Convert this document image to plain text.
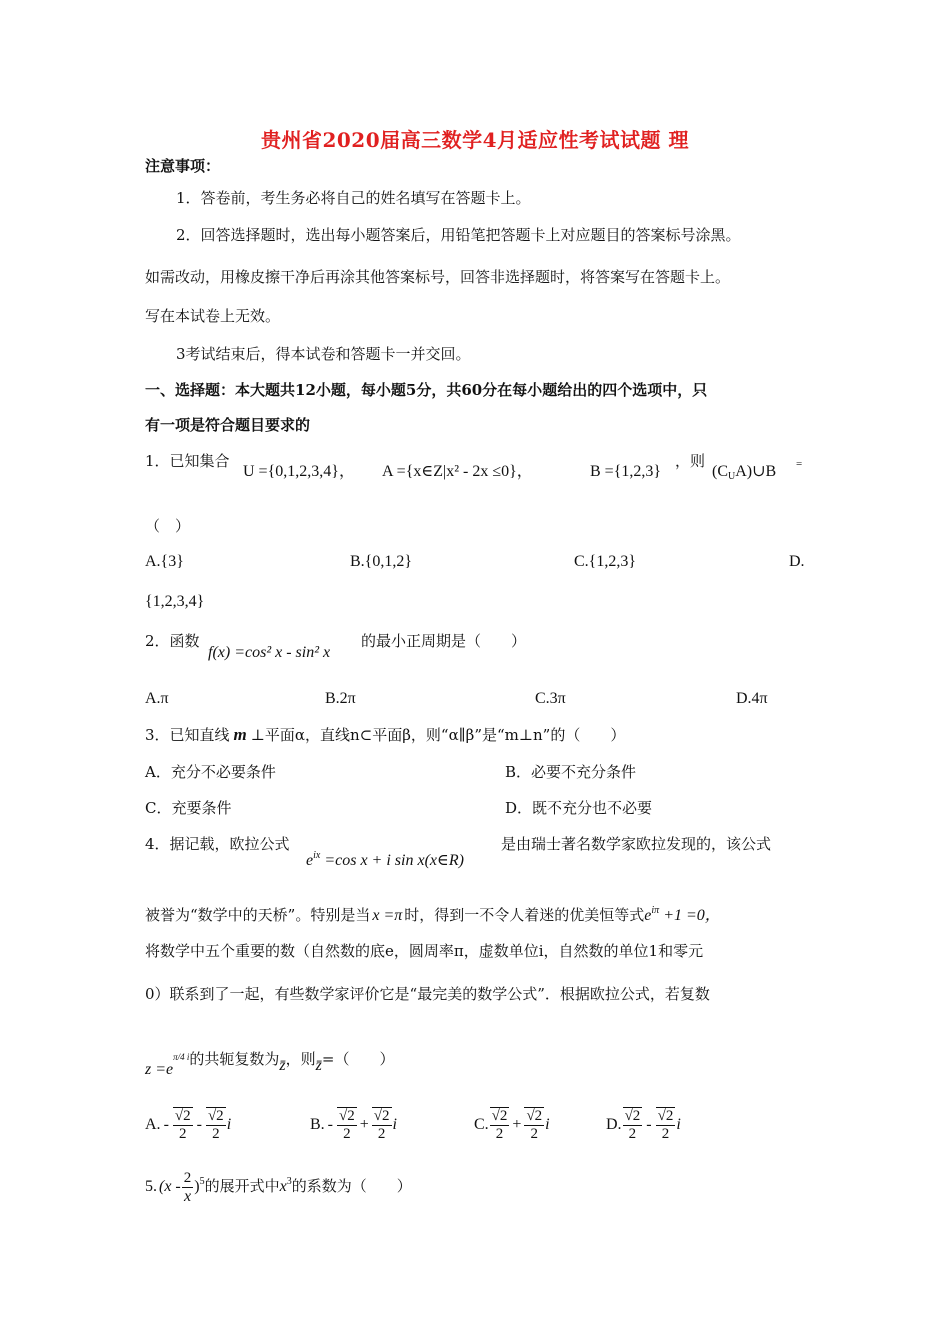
贵州省2020届高三数学4月适应性考试试题 理
注意事项：
1．答卷前，考生务必将自己的姓名填写在答题卡上。
2．回答选择题时，选出每小题答案后，用铅笔把答题卡上对应题目的答案标号涂黑。
如需改动，用橡皮擦干净后再涂其他答案标号，回答非选择题时，将答案写在答题卡上。
写在本试卷上无效。
3考试结束后，得本试卷和答题卡一并交回。
一、选择题：本大题共12小题，每小题5分，共60分在每小题给出的四个选项中，只
有一项是符合题目要求的
1．已知集合
U ={0,1,2,3,4}， A ={x∈Z|x² - 2x ≤0}，	B ={1,2,3}
，则
$(C_UA)\cup B$ =
（　）
A.{3}	B.{0,1,2}	C.{1,2,3}	D.
{1,2,3,4}
2．函数
f(x) =cos² x - sin² x
的最小正周期是（　　）
A.π	B.2π	C.3π	D.4π
3．已知直线 m ⊥平面α，直线n⊂平面β，则“α∥β”是“m⊥n”的（　　）
A．充分不必要条件	B．必要不充分条件
C．充要条件	D．既不充分也不必要
4．据记载，欧拉公式
$e^{ix} =\cos$ x + i sin x(x∈R)
是由瑞士著名数学家欧拉发现的，该公式
被誉为“数学中的天桥”。特别是当 x =π 时，得到一不令人着迷的优美恒等式$e^{i\pi} +1 =0$，
将数学中五个重要的数（自然数的底e，圆周率π，虚数单位i，自然数的单位1和零元
0）联系到了一起，有些数学家评价它是“最完美的数学公式”．根据欧拉公式，若复数
$z =e^{\pi/4 i}$的共轭复数为z̄，则z̄=（　　）
A. - $\frac{√2}{2} - \frac{√2}{2}$ i	B. - $\frac{√2}{2} + \frac{√2}{2}$ i	C. $\frac{√2}{2} + \frac{√2}{2}$ i	D. $\frac{√2}{2} - \frac{√2}{2}$ i
5. $(x - \frac{2}{x} )^5$的展开式中$x^3$的系数为（　　）
